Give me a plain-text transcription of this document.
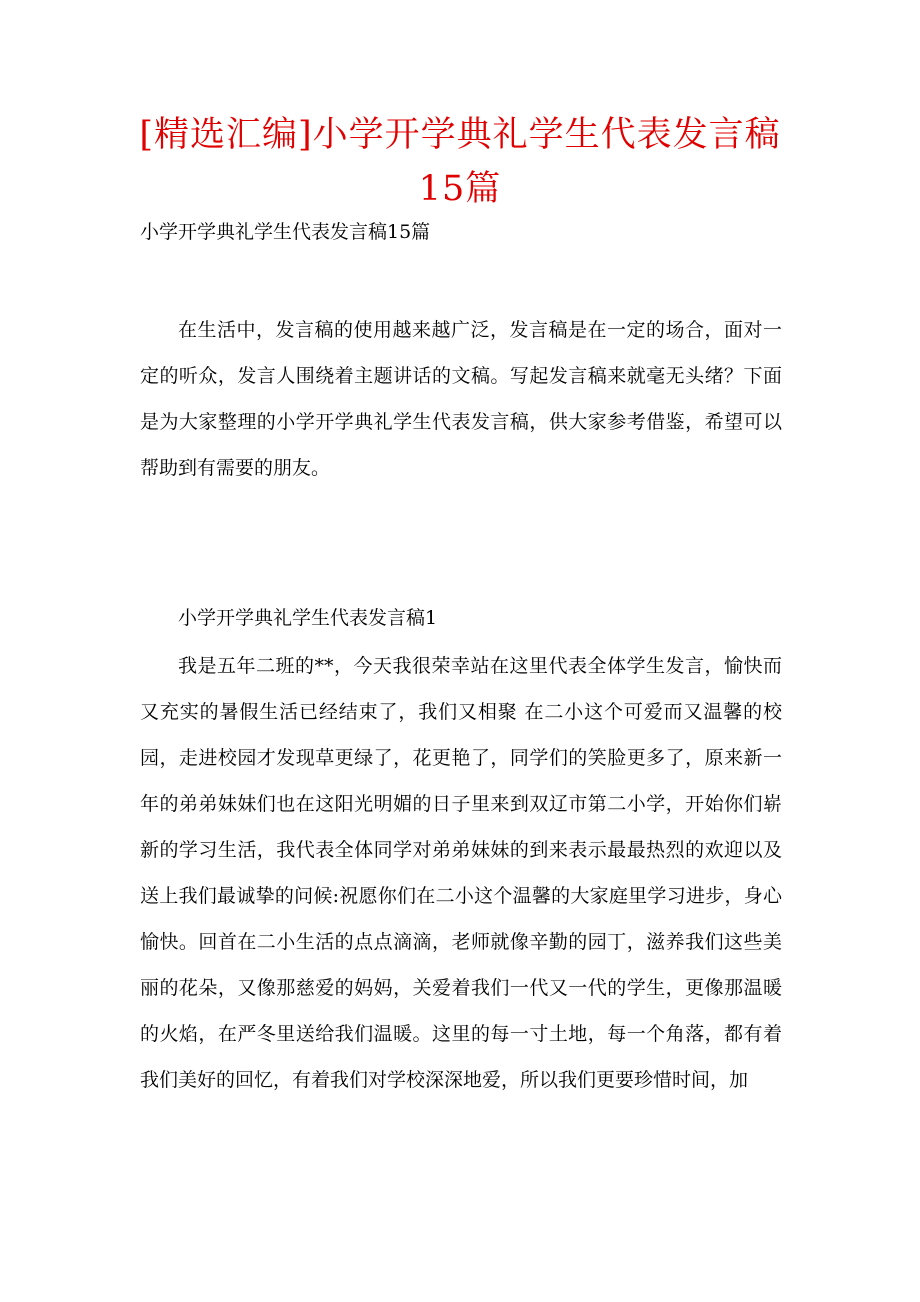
[精选汇编]小学开学典礼学生代表发言稿15篇

小学开学典礼学生代表发言稿15篇

在生活中，发言稿的使用越来越广泛，发言稿是在一定的场合，面对一定的听众，发言人围绕着主题讲话的文稿。写起发言稿来就毫无头绪？下面是为大家整理的小学开学典礼学生代表发言稿，供大家参考借鉴，希望可以帮助到有需要的朋友。

小学开学典礼学生代表发言稿1

我是五年二班的**，今天我很荣幸站在这里代表全体学生发言，愉快而又充实的暑假生活已经结束了，我们又相聚 在二小这个可爱而又温馨的校园，走进校园才发现草更绿了，花更艳了，同学们的笑脸更多了，原来新一年的弟弟妹妹们也在这阳光明媚的日子里来到双辽市第二小学，开始你们崭新的学习生活，我代表全体同学对弟弟妹妹的到来表示最最热烈的欢迎以及送上我们最诚挚的问候:祝愿你们在二小这个温馨的大家庭里学习进步，身心愉快。回首在二小生活的点点滴滴，老师就像辛勤的园丁，滋养我们这些美丽的花朵，又像那慈爱的妈妈，关爱着我们一代又一代的学生，更像那温暖的火焰，在严冬里送给我们温暖。这里的每一寸土地，每一个角落，都有着我们美好的回忆，有着我们对学校深深地爱，所以我们更要珍惜时间，加
